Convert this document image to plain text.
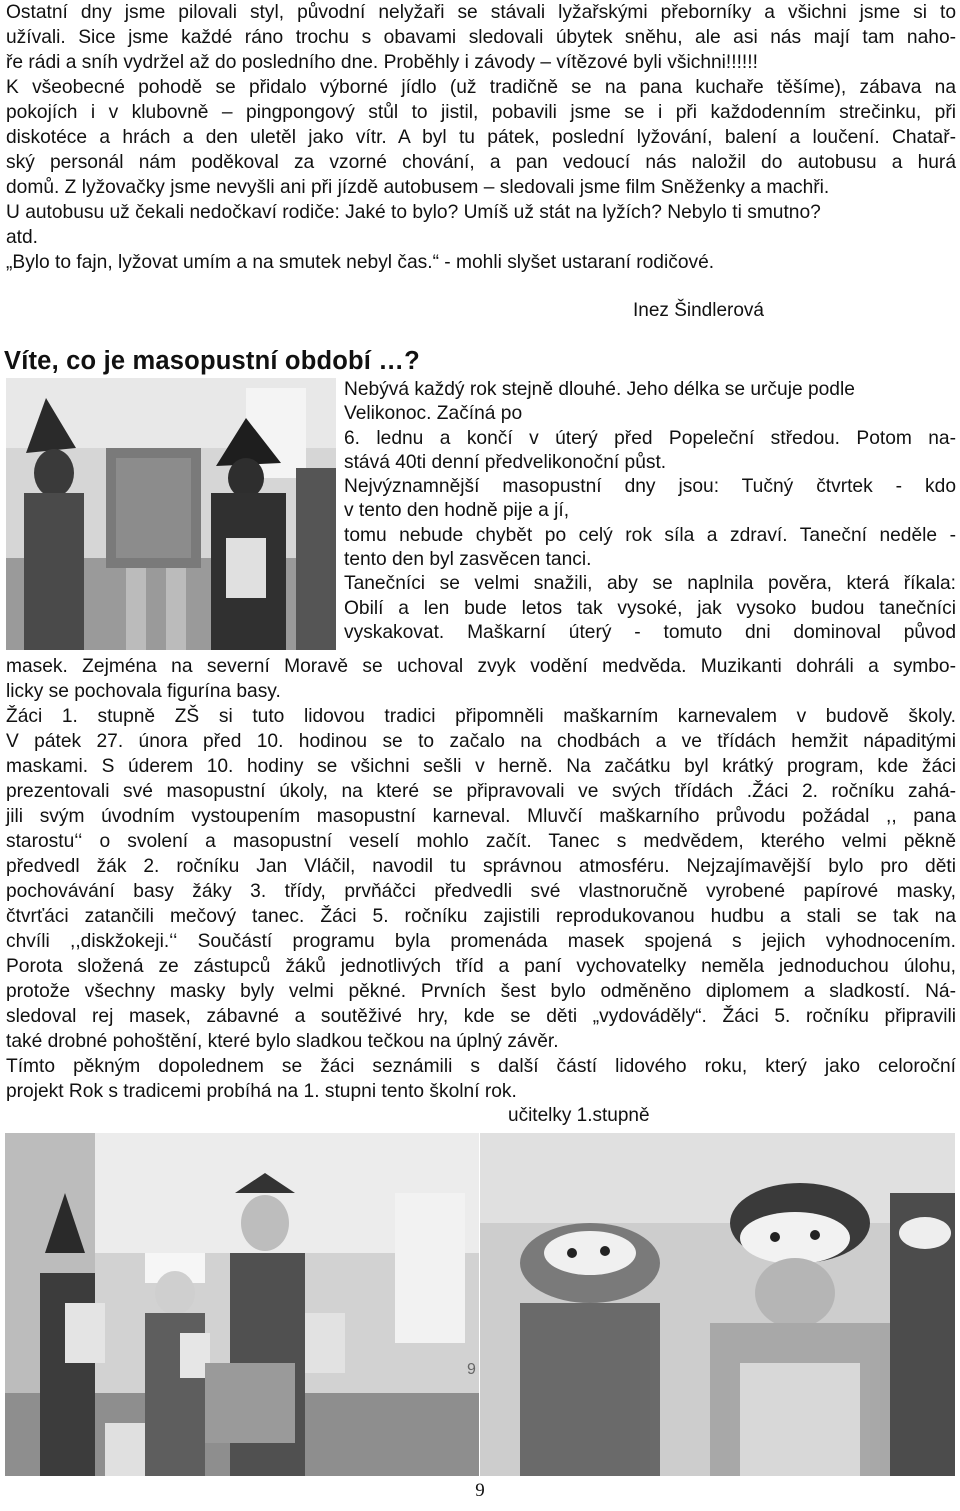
Ostatní dny jsme pilovali styl, původní nelyžaři se stávali lyžařskými přeborníky a všichni jsme si to
užívali. Sice jsme každé ráno trochu s obavami sledovali úbytek sněhu, ale asi nás mají tam naho-
ře rádi a sníh vydržel až do posledního dne. Proběhly i závody – vítězové byli všichni!!!!!!
K všeobecné pohodě se přidalo výborné jídlo (už tradičně se na pana kuchaře těšíme), zábava na
pokojích i v klubovně – pingpongový stůl to jistil, pobavili jsme se i při každodenním strečinku, při
diskotéce a hrách a den uletěl jako vítr. A byl tu pátek, poslední lyžování, balení a loučení. Chatař-
ský personál nám poděkoval za vzorné chování, a pan vedoucí nás naložil do autobusu a hurá
domů. Z lyžovačky jsme nevyšli ani při jízdě autobusem – sledovali jsme film Sněženky a machři.
U autobusu už čekali nedočkaví rodiče: Jaké to bylo? Umíš už stát na lyžích? Nebylo ti smutno?
atd.
„Bylo to fajn, lyžovat umím a na smutek nebyl čas.“ - mohli slyšet ustaraní rodičové.
Inez Šindlerová
Víte, co je masopustní období …?
Nebývá každý rok stejně dlouhé. Jeho délka se určuje podle
Velikonoc. Začíná po
6. lednu a končí v úterý před Popeleční středou. Potom na-
stává 40ti denní předvelikonoční půst.
Nejvýznamnější masopustní dny jsou: Tučný čtvrtek - kdo
v tento den hodně pije a jí,
tomu nebude chybět po celý rok síla a zdraví. Taneční neděle -
tento den byl zasvěcen tanci.
Tanečníci se velmi snažili, aby se naplnila pověra, která říkala:
Obilí a len bude letos tak vysoké, jak vysoko budou tanečníci
vyskakovat. Maškarní úterý - tomuto dni dominoval původ
masek. Zejména na severní Moravě se uchoval zvyk vodění medvěda. Muzikanti dohráli a symbo-
licky se pochovala figurína basy.
Žáci 1. stupně ZŠ si tuto lidovou tradici připomněli maškarním karnevalem v budově školy.
V pátek 27. února před 10. hodinou se to začalo na chodbách a ve třídách hemžit nápaditými
maskami. S úderem 10. hodiny se všichni sešli v herně. Na začátku byl krátký program, kde žáci
prezentovali své masopustní úkoly, na které se připravovali ve svých třídách .Žáci 2. ročníku zahá-
jili svým úvodním vystoupením masopustní karneval. Mluvčí maškarního průvodu požádal ,, pana
starostu‘‘ o svolení a masopustní veselí mohlo začít. Tanec s medvědem, kterého velmi pěkně
předvedl žák 2. ročníku Jan Vláčil, navodil tu správnou atmosféru. Nejzajímavější bylo pro děti
pochovávání basy žáky 3. třídy, prvňáčci předvedli své vlastnoručně vyrobené papírové masky,
čtvrťáci zatančili mečový tanec. Žáci 5. ročníku zajistili reprodukovanou hudbu a stali se tak na
chvíli ,,diskžokeji.‘‘ Součástí programu byla promenáda masek spojená s jejich vyhodnocením.
Porota složená ze zástupců žáků jednotlivých tříd a paní vychovatelky neměla jednoduchou úlohu,
protože všechny masky byly velmi pěkné. Prvních šest bylo odměněno diplomem a sladkostí. Ná-
sledoval rej masek, zábavné a soutěživé hry, kde se děti „vydováděly“. Žáci 5. ročníku připravili
také drobné pohoštění, které bylo sladkou tečkou na úplný závěr.
Tímto pěkným dopolednem se žáci seznámili s další částí lidového roku, který jako celoroční
projekt Rok s tradicemi probíhá na 1. stupni tento školní rok.
učitelky 1.stupně
9
9
